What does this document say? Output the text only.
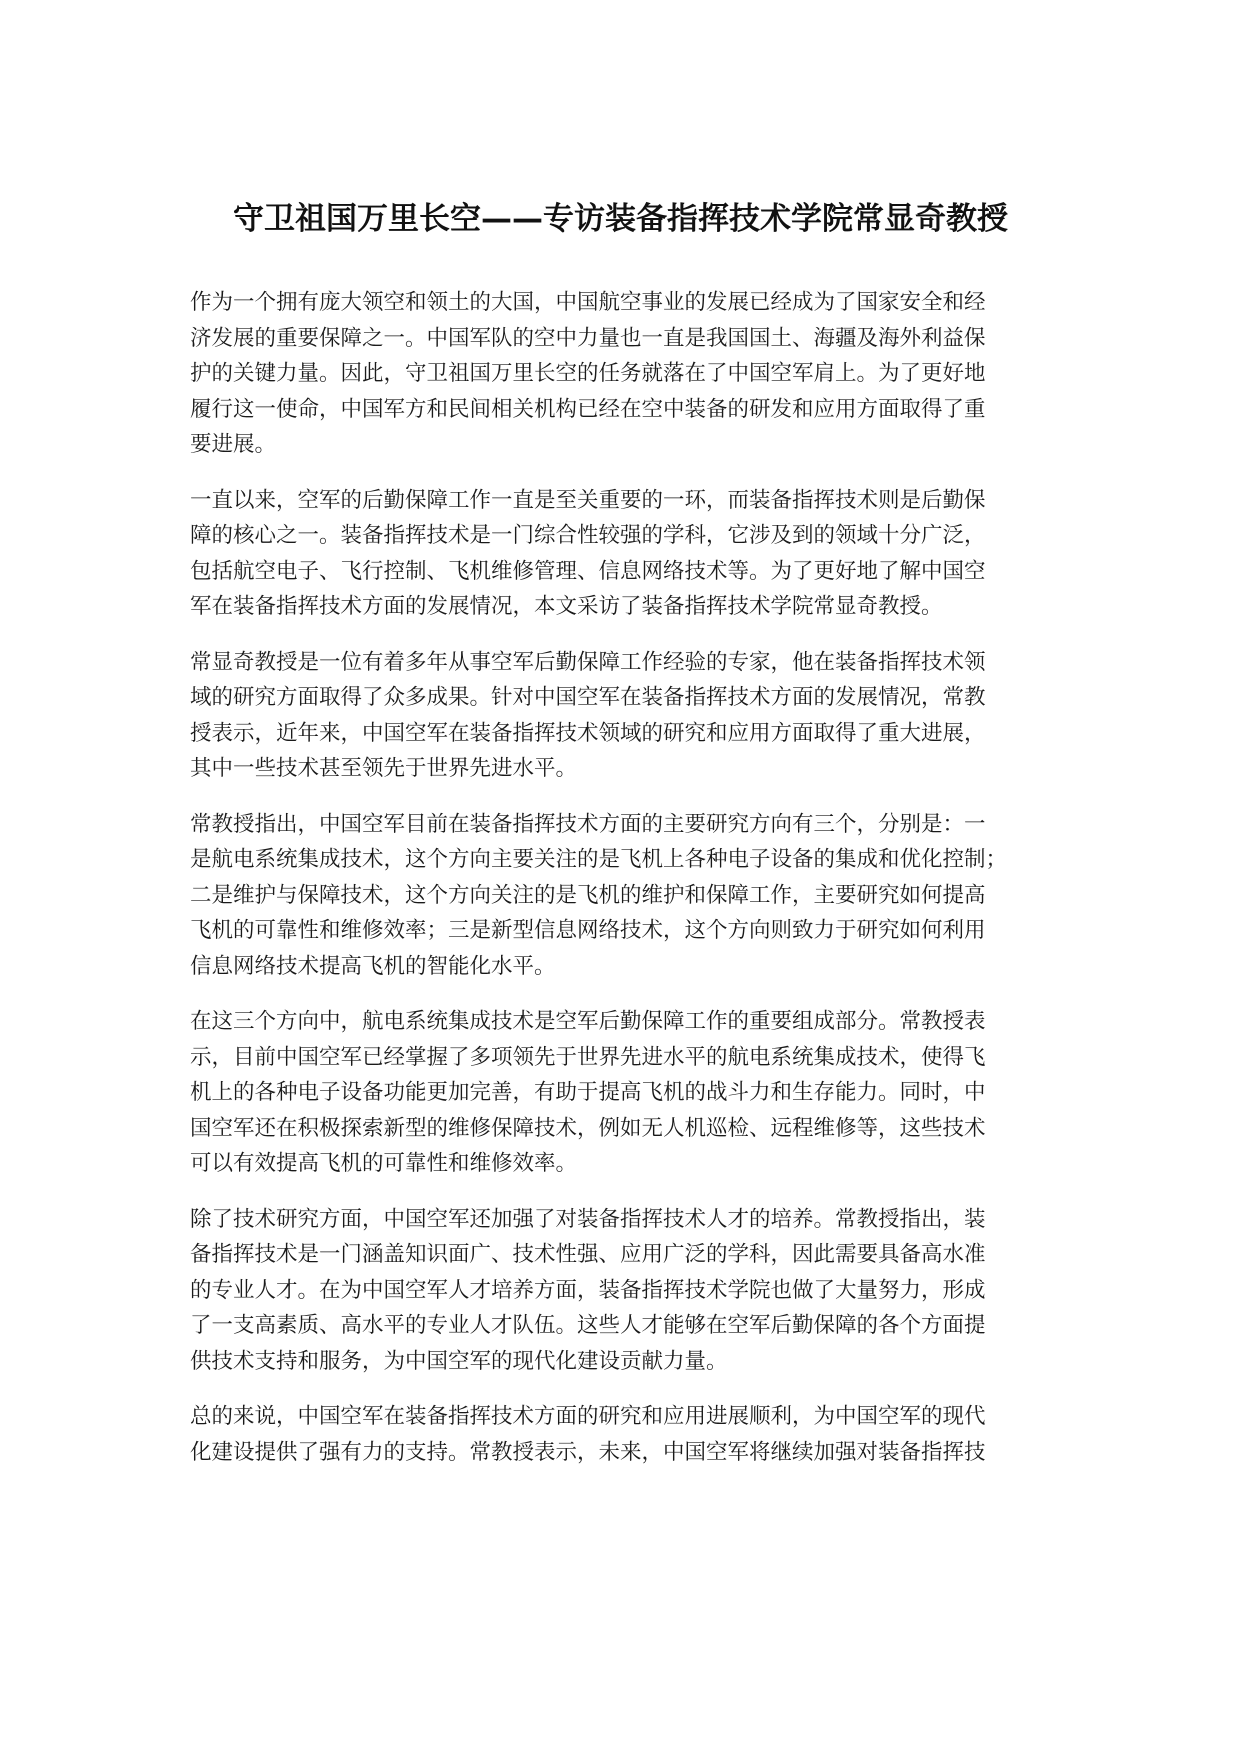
守卫祖国万里长空——专访装备指挥技术学院常显奇教授
作为一个拥有庞大领空和领土的大国，中国航空事业的发展已经成为了国家安全和经
济发展的重要保障之一。中国军队的空中力量也一直是我国国土、海疆及海外利益保
护的关键力量。因此，守卫祖国万里长空的任务就落在了中国空军肩上。为了更好地
履行这一使命，中国军方和民间相关机构已经在空中装备的研发和应用方面取得了重
要进展。
一直以来，空军的后勤保障工作一直是至关重要的一环，而装备指挥技术则是后勤保
障的核心之一。装备指挥技术是一门综合性较强的学科，它涉及到的领域十分广泛，
包括航空电子、飞行控制、飞机维修管理、信息网络技术等。为了更好地了解中国空
军在装备指挥技术方面的发展情况，本文采访了装备指挥技术学院常显奇教授。
常显奇教授是一位有着多年从事空军后勤保障工作经验的专家，他在装备指挥技术领
域的研究方面取得了众多成果。针对中国空军在装备指挥技术方面的发展情况，常教
授表示，近年来，中国空军在装备指挥技术领域的研究和应用方面取得了重大进展，
其中一些技术甚至领先于世界先进水平。
常教授指出，中国空军目前在装备指挥技术方面的主要研究方向有三个，分别是：一
是航电系统集成技术，这个方向主要关注的是飞机上各种电子设备的集成和优化控制；
二是维护与保障技术，这个方向关注的是飞机的维护和保障工作，主要研究如何提高
飞机的可靠性和维修效率；三是新型信息网络技术，这个方向则致力于研究如何利用
信息网络技术提高飞机的智能化水平。
在这三个方向中，航电系统集成技术是空军后勤保障工作的重要组成部分。常教授表
示，目前中国空军已经掌握了多项领先于世界先进水平的航电系统集成技术，使得飞
机上的各种电子设备功能更加完善，有助于提高飞机的战斗力和生存能力。同时，中
国空军还在积极探索新型的维修保障技术，例如无人机巡检、远程维修等，这些技术
可以有效提高飞机的可靠性和维修效率。
除了技术研究方面，中国空军还加强了对装备指挥技术人才的培养。常教授指出，装
备指挥技术是一门涵盖知识面广、技术性强、应用广泛的学科，因此需要具备高水准
的专业人才。在为中国空军人才培养方面，装备指挥技术学院也做了大量努力，形成
了一支高素质、高水平的专业人才队伍。这些人才能够在空军后勤保障的各个方面提
供技术支持和服务，为中国空军的现代化建设贡献力量。
总的来说，中国空军在装备指挥技术方面的研究和应用进展顺利，为中国空军的现代
化建设提供了强有力的支持。常教授表示，未来，中国空军将继续加强对装备指挥技
